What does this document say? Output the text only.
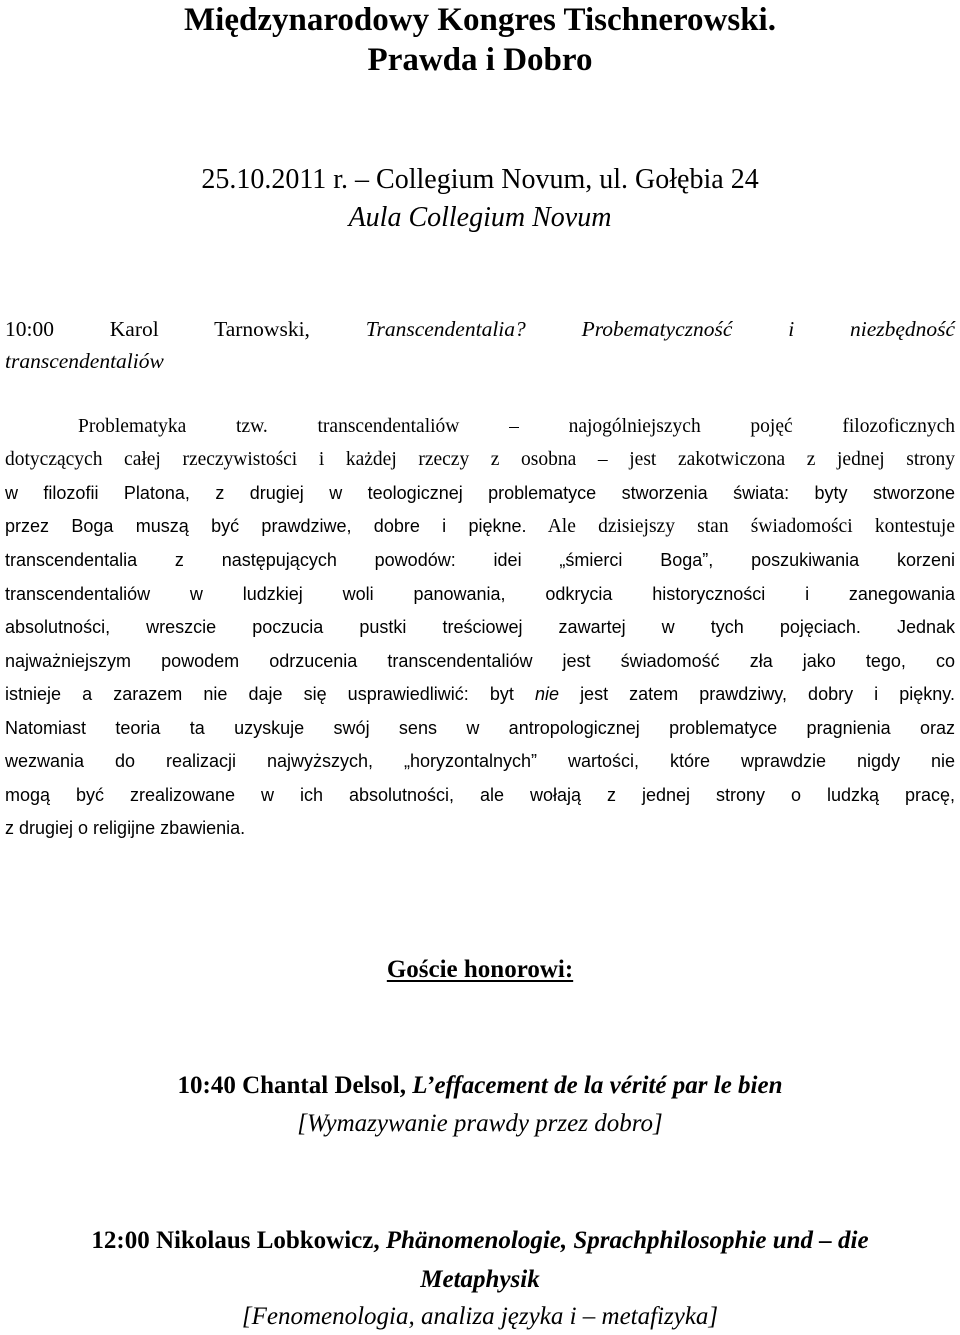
Międzynarodowy Kongres Tischnerowski.
Prawda i Dobro
25.10.2011 r. – Collegium Novum, ul. Gołębia 24
Aula Collegium Novum
10:00	Karol Tarnowski,	Transcendentalia?	Probematyczność	i	niezbędność
transcendentaliów
Problematyka tzw. transcendentaliów – najogólniejszych pojęć filozoficznych
dotyczących całej rzeczywistości i każdej rzeczy z osobna – jest zakotwiczona z jednej strony
w filozofii Platona, z drugiej w teologicznej problematyce stworzenia świata: byty stworzone
przez Boga muszą być prawdziwe, dobre i piękne. Ale dzisiejszy stan świadomości kontestuje
transcendentalia z następujących powodów: idei „śmierci Boga”, poszukiwania korzeni
transcendentaliów w ludzkiej woli panowania, odkrycia historyczności i zanegowania
absolutności, wreszcie poczucia pustki treściowej zawartej w tych pojęciach. Jednak
najważniejszym powodem odrzucenia transcendentaliów jest świadomość zła jako tego, co
istnieje a zarazem nie daje się usprawiedliwić: byt nie jest zatem prawdziwy, dobry i piękny.
Natomiast teoria ta uzyskuje swój sens w antropologicznej problematyce pragnienia oraz
wezwania do realizacji najwyższych, „horyzontalnych” wartości, które wprawdzie nigdy nie
mogą być zrealizowane w ich absolutności, ale wołają z jednej strony o ludzką pracę,
z drugiej o religijne zbawienia.
Goście honorowi:
10:40 Chantal Delsol, L’effacement de la vérité par le bien
[Wymazywanie prawdy przez dobro]
12:00 Nikolaus Lobkowicz, Phänomenologie, Sprachphilosophie und – die
Metaphysik
[Fenomenologia, analiza języka i – metafizyka]
